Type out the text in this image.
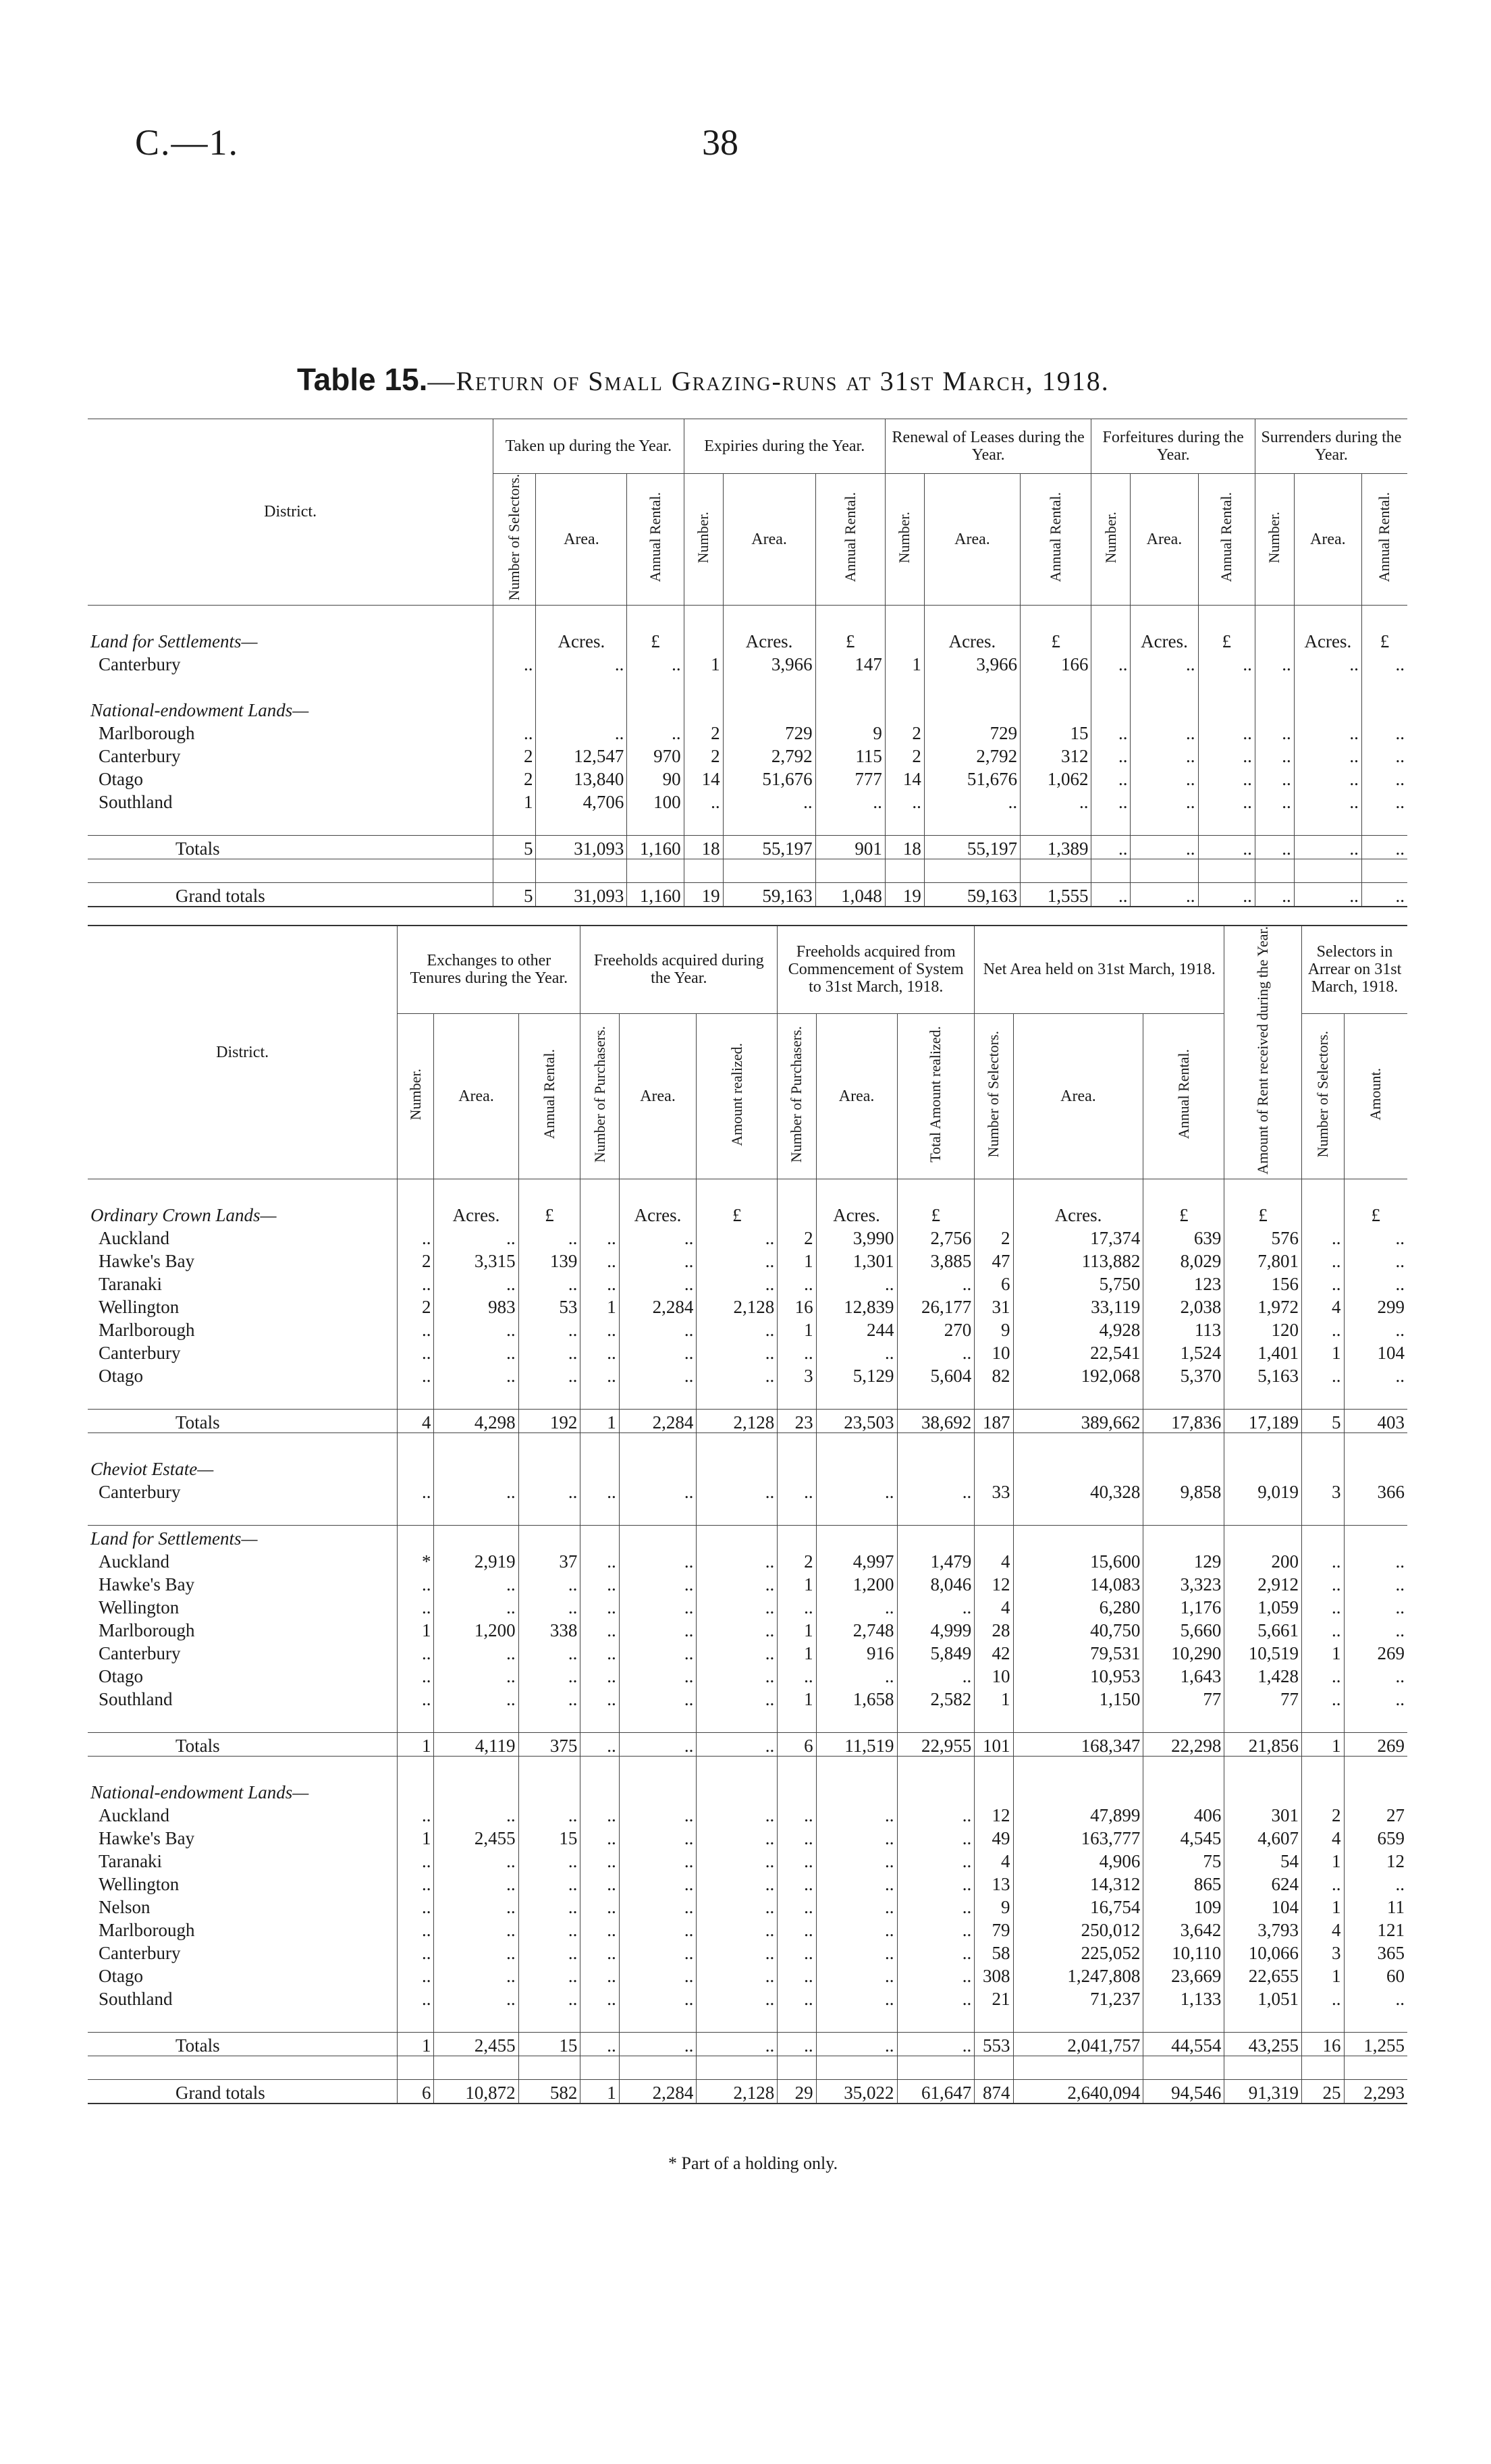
C.—1.	38
Table 15.—Return of Small Grazing-runs at 31st March, 1918.
District.	Taken up during the Year.			Expiries during the Year.			Renewal of Leases during the Year.			Forfeitures during the Year.			Surrenders during the Year.		
	Number of Selectors.	Area.	Annual Rental.	Number.	Area.	Annual Rental.	Number.	Area.	Annual Rental.	Number.	Area.	Annual Rental.	Number.	Area.	Annual Rental.

Land for Settlements—		Acres.	£		Acres.	£		Acres.	£		Acres.	£		Acres.	£
Canterbury	..	..	..	1	3,966	147	1	3,966	166	..	..	..	..	..	..

National-endowment Lands—															
Marlborough	..	..	..	2	729	9	2	729	15	..	..	..	..	..	..
Canterbury	2	12,547	970	2	2,792	115	2	2,792	312	..	..	..	..	..	..
Otago	2	13,840	90	14	51,676	777	14	51,676	1,062	..	..	..	..	..	..
Southland	1	4,706	100	..	..	..	..	..	..	..	..	..	..	..	..

Totals	5	31,093	1,160	18	55,197	901	18	55,197	1,389	..	..	..	..	..	..

Grand totals	5	31,093	1,160	19	59,163	1,048	19	59,163	1,555	..	..	..	..	..	..
District.	Exchanges to other Tenures during the Year.			Freeholds acquired during the Year.			Freeholds acquired from Commencement of System to 31st March, 1918.			Net Area held on 31st March, 1918.			Amount of Rent received during the Year.	Selectors in Arrear on 31st March, 1918.	
	Number.	Area.	Annual Rental.	Number of Purchasers.	Area.	Amount realized.	Number of Purchasers.	Area.	Total Amount realized.	Number of Selectors.	Area.	Annual Rental.		Number of Selectors.	Amount.

Ordinary Crown Lands—		Acres.	£		Acres.	£		Acres.	£		Acres.	£	£		£
Auckland	..	..	..	..	..	..	2	3,990	2,756	2	17,374	639	576	..	..
Hawke's Bay	2	3,315	139	..	..	..	1	1,301	3,885	47	113,882	8,029	7,801	..	..
Taranaki	..	..	..	..	..	..	..	..	..	6	5,750	123	156	..	..
Wellington	2	983	53	1	2,284	2,128	16	12,839	26,177	31	33,119	2,038	1,972	4	299
Marlborough	..	..	..	..	..	..	1	244	270	9	4,928	113	120	..	..
Canterbury	..	..	..	..	..	..	..	..	..	10	22,541	1,524	1,401	1	104
Otago	..	..	..	..	..	..	3	5,129	5,604	82	192,068	5,370	5,163	..	..

Totals	4	4,298	192	1	2,284	2,128	23	23,503	38,692	187	389,662	17,836	17,189	5	403

Cheviot Estate—															
Canterbury	..	..	..	..	..	..	..	..	..	33	40,328	9,858	9,019	3	366

Land for Settlements—															
Auckland	*	2,919	37	..	..	..	2	4,997	1,479	4	15,600	129	200	..	..
Hawke's Bay	..	..	..	..	..	..	1	1,200	8,046	12	14,083	3,323	2,912	..	..
Wellington	..	..	..	..	..	..	..	..	..	4	6,280	1,176	1,059	..	..
Marlborough	1	1,200	338	..	..	..	1	2,748	4,999	28	40,750	5,660	5,661	..	..
Canterbury	..	..	..	..	..	..	1	916	5,849	42	79,531	10,290	10,519	1	269
Otago	..	..	..	..	..	..	..	..	..	10	10,953	1,643	1,428	..	..
Southland	..	..	..	..	..	..	1	1,658	2,582	1	1,150	77	77	..	..

Totals	1	4,119	375	..	..	..	6	11,519	22,955	101	168,347	22,298	21,856	1	269

National-endowment Lands—															
Auckland	..	..	..	..	..	..	..	..	..	12	47,899	406	301	2	27
Hawke's Bay	1	2,455	15	..	..	..	..	..	..	49	163,777	4,545	4,607	4	659
Taranaki	..	..	..	..	..	..	..	..	..	4	4,906	75	54	1	12
Wellington	..	..	..	..	..	..	..	..	..	13	14,312	865	624	..	..
Nelson	..	..	..	..	..	..	..	..	..	9	16,754	109	104	1	11
Marlborough	..	..	..	..	..	..	..	..	..	79	250,012	3,642	3,793	4	121
Canterbury	..	..	..	..	..	..	..	..	..	58	225,052	10,110	10,066	3	365
Otago	..	..	..	..	..	..	..	..	..	308	1,247,808	23,669	22,655	1	60
Southland	..	..	..	..	..	..	..	..	..	21	71,237	1,133	1,051	..	..

Totals	1	2,455	15	..	..	..	..	..	..	553	2,041,757	44,554	43,255	16	1,255

Grand totals	6	10,872	582	1	2,284	2,128	29	35,022	61,647	874	2,640,094	94,546	91,319	25	2,293
* Part of a holding only.
